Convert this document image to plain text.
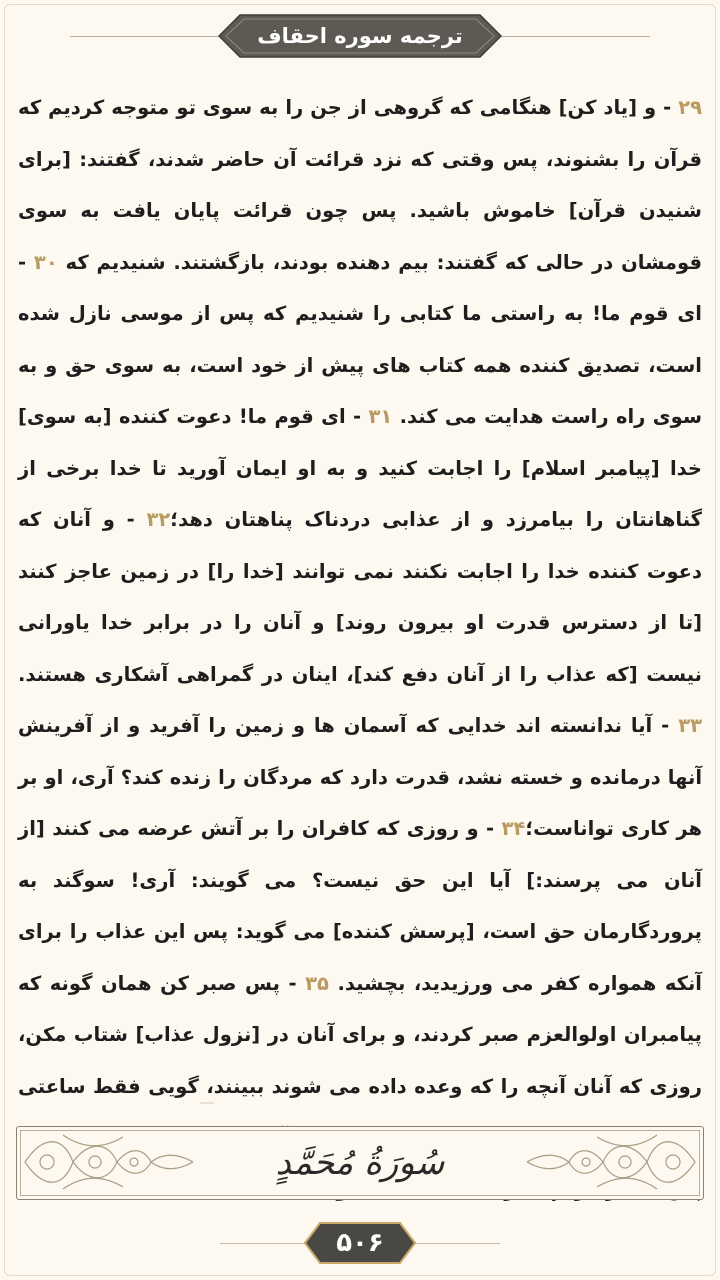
ترجمه سوره احقاف
۲۹ - و [یاد کن] هنگامی که گروهی از جن را به سوی تو متوجه کردیم که قرآن را بشنوند، پس وقتی که نزد قرائت آن حاضر شدند، گفتند: [برای شنیدن قرآن] خاموش باشید. پس چون قرائت پایان یافت به سوی قومشان در حالی که گفتند: بیم دهنده بودند، بازگشتند. شنیدیم که ۳۰ - ای قوم ما! به راستی ما کتابی را شنیدیم که پس از موسی نازل شده است، تصدیق کننده همه کتاب های پیش از خود است، به سوی حق و به سوی راه راست هدایت می کند. ۳۱ - ای قوم ما! دعوت کننده [به سوی] خدا [پیامبر اسلام] را اجابت کنید و به او ایمان آورید تا خدا برخی از گناهانتان را بیامرزد و از عذابی دردناک پناهتان دهد؛۳۲ - و آنان که دعوت کننده خدا را اجابت نکنند نمی توانند [خدا را] در زمین عاجز کنند [تا از دسترس قدرت او بیرون روند] و آنان را در برابر خدا یاورانی نیست [که عذاب را از آنان دفع کند]، اینان در گمراهی آشکاری هستند. ۳۳ - آیا ندانسته اند خدایی که آسمان ها و زمین را آفرید و از آفرینش آنها درمانده و خسته نشد، قدرت دارد که مردگان را زنده کند؟ آری، او بر هر کاری تواناست؛۳۴ - و روزی که کافران را بر آتش عرضه می کنند [از آنان می پرسند:] آیا این حق نیست؟ می گویند: آری! سوگند به پروردگارمان حق است، [پرسش کننده] می گوید: پس این عذاب را برای آنکه همواره کفر می ورزیدید، بچشید. ۳۵ - پس صبر کن همان گونه که پیامبران اولوالعزم صبر کردند، و برای آنان در [نزول عذاب] شتاب مکن، روزی که آنان آنچه را که وعده داده می شوند ببینند، گویی فقط ساعتی
سُورَةُ مُحَمَّدٍ
۵۰۶
